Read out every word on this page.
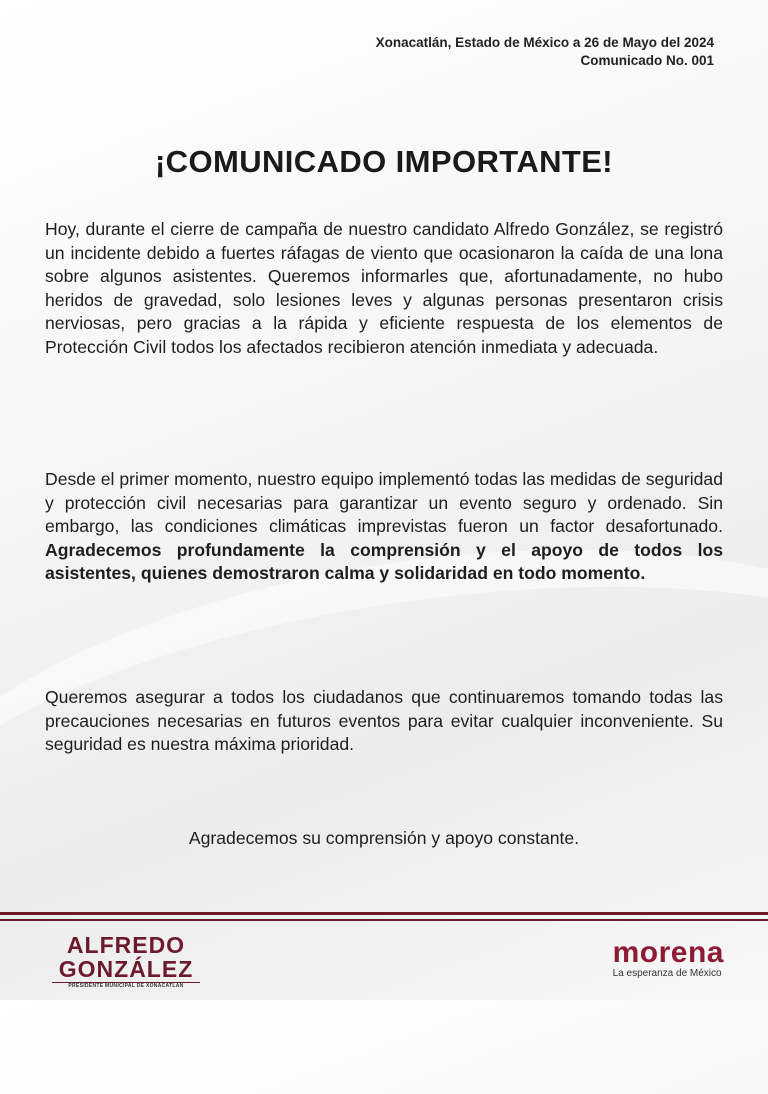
Xonacatlán, Estado de México a 26 de Mayo del 2024
Comunicado No. 001
¡COMUNICADO IMPORTANTE!
Hoy, durante el cierre de campaña de nuestro candidato Alfredo González, se registró un incidente debido a fuertes ráfagas de viento que ocasionaron la caída de una lona sobre algunos asistentes. Queremos informarles que, afortunadamente, no hubo heridos de gravedad, solo lesiones leves y algunas personas presentaron crisis nerviosas, pero gracias a la rápida y eficiente respuesta de los elementos de Protección Civil todos los afectados recibieron atención inmediata y adecuada.
Desde el primer momento, nuestro equipo implementó todas las medidas de seguridad y protección civil necesarias para garantizar un evento seguro y ordenado. Sin embargo, las condiciones climáticas imprevistas fueron un factor desafortunado. Agradecemos profundamente la comprensión y el apoyo de todos los asistentes, quienes demostraron calma y solidaridad en todo momento.
Queremos asegurar a todos los ciudadanos que continuaremos tomando todas las precauciones necesarias en futuros eventos para evitar cualquier inconveniente. Su seguridad es nuestra máxima prioridad.
Agradecemos su comprensión y apoyo constante.
ALFREDO
GONZÁLEZ
PRESIDENTE MUNICIPAL DE XONACATLÁN
morena
La esperanza de México
